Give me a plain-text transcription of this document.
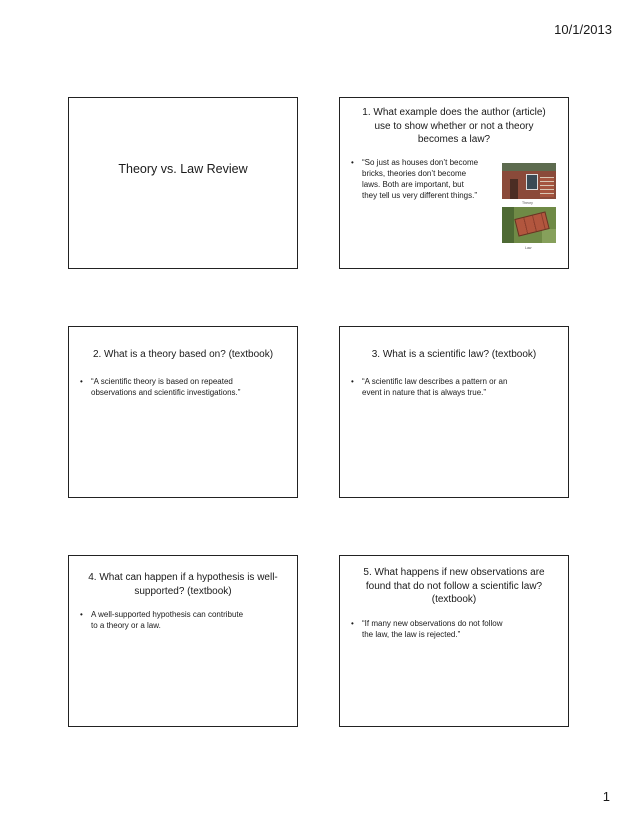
10/1/2013
Theory vs. Law Review
1. What example does the author (article)
use to show whether or not a theory
becomes a law?
• “So just as houses don’t become
bricks, theories don’t become
laws. Both are important, but
they tell us very different things.”
Theory
Law
2. What is a theory based on? (textbook)
• “A scientific theory is based on repeated
observations and scientific investigations.”
3. What is a scientific law? (textbook)
• “A scientific law describes a pattern or an
event in nature that is always true.”
4. What can happen if a hypothesis is well-
supported? (textbook)
• A well-supported hypothesis can contribute
to a theory or a law.
5. What happens if new observations are
found that do not follow a scientific law?
(textbook)
• “If many new observations do not follow
the law, the law is rejected.”
1
